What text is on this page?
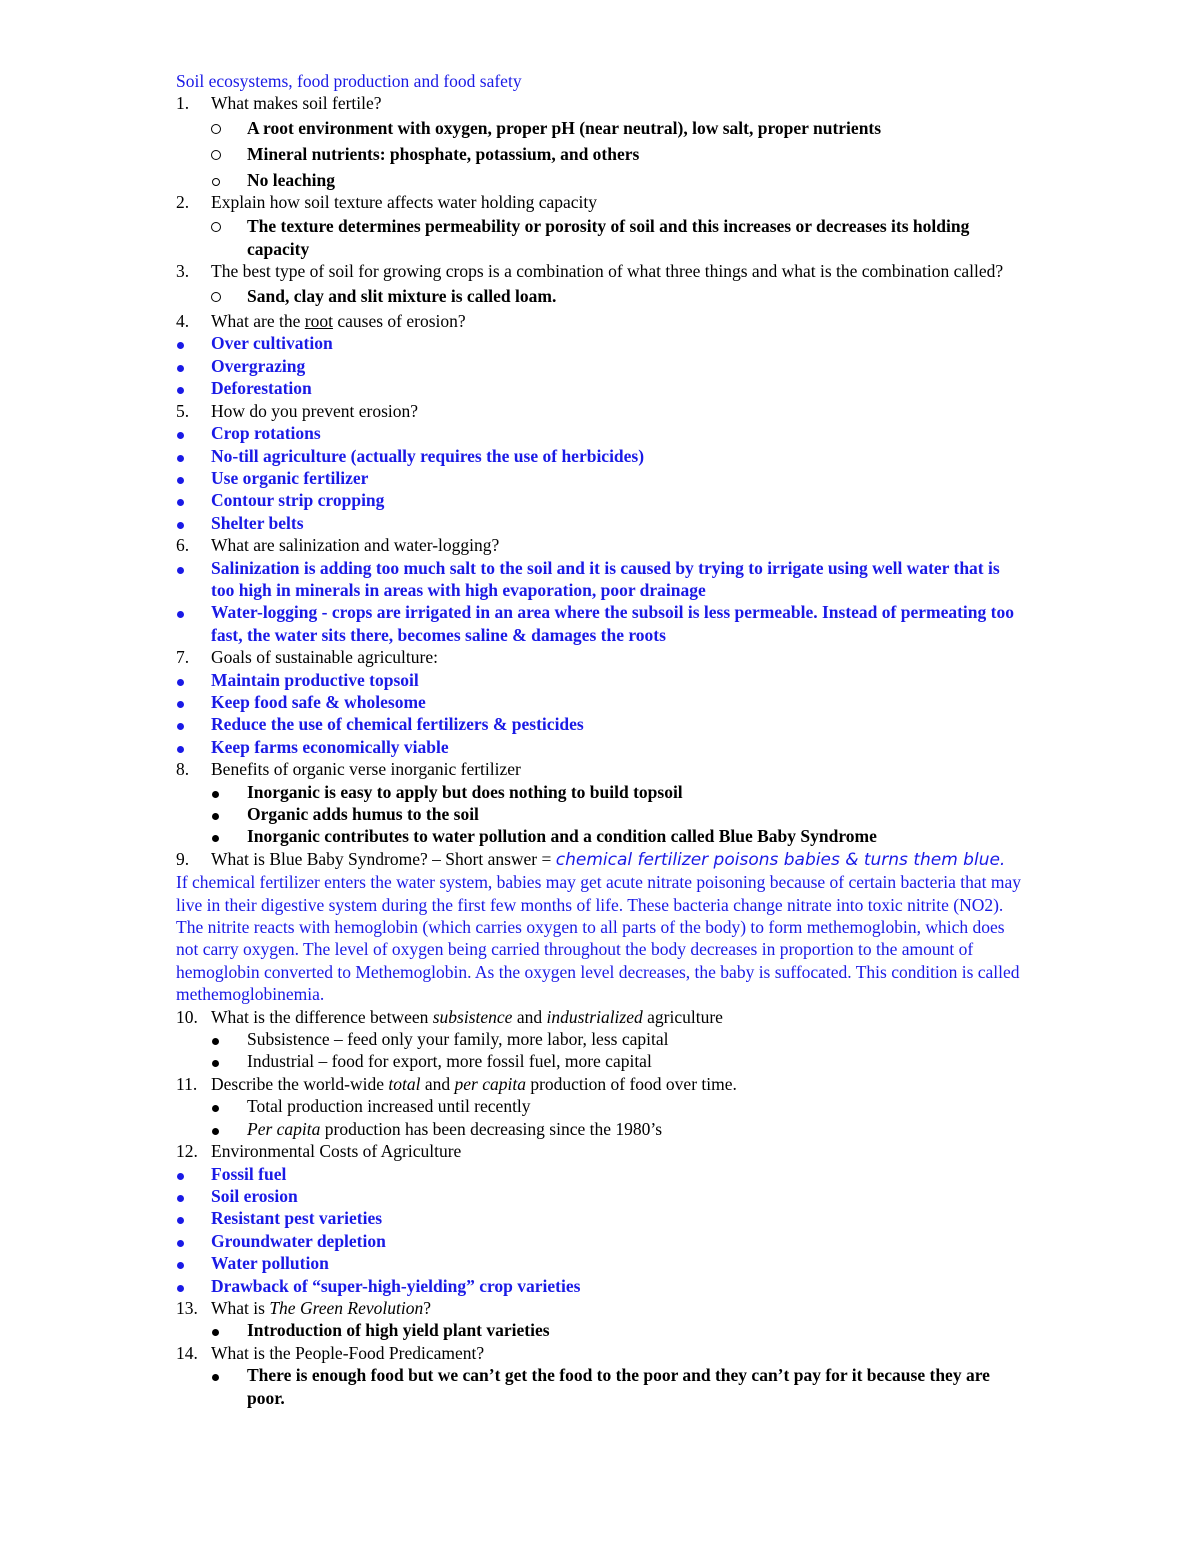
Soil ecosystems, food production and food safety
1. What makes soil fertile?
A root environment with oxygen, proper pH (near neutral), low salt, proper nutrients
Mineral nutrients: phosphate, potassium, and others
No leaching
2. Explain how soil texture affects water holding capacity
The texture determines permeability or porosity of soil and this increases or decreases its holding capacity
3. The best type of soil for growing crops is a combination of what three things and what is the combination called?
Sand, clay and slit mixture is called loam.
4. What are the root causes of erosion?
Over cultivation
Overgrazing
Deforestation
5. How do you prevent erosion?
Crop rotations
No-till agriculture (actually requires the use of herbicides)
Use organic fertilizer
Contour strip cropping
Shelter belts
6. What are salinization and water-logging?
Salinization is adding too much salt to the soil and it is caused by trying to irrigate using well water that is too high in minerals in areas with high evaporation, poor drainage
Water-logging - crops are irrigated in an area where the subsoil is less permeable. Instead of permeating too fast, the water sits there, becomes saline & damages the roots
7. Goals of sustainable agriculture:
Maintain productive topsoil
Keep food safe & wholesome
Reduce the use of chemical fertilizers & pesticides
Keep farms economically viable
8. Benefits of organic verse inorganic fertilizer
Inorganic is easy to apply but does nothing to build topsoil
Organic adds humus to the soil
Inorganic contributes to water pollution and a condition called Blue Baby Syndrome
9. What is Blue Baby Syndrome? – Short answer = chemical fertilizer poisons babies & turns them blue.
If chemical fertilizer enters the water system, babies may get acute nitrate poisoning because of certain bacteria that may live in their digestive system during the first few months of life. These bacteria change nitrate into toxic nitrite (NO2). The nitrite reacts with hemoglobin (which carries oxygen to all parts of the body) to form methemoglobin, which does not carry oxygen. The level of oxygen being carried throughout the body decreases in proportion to the amount of hemoglobin converted to Methemoglobin. As the oxygen level decreases, the baby is suffocated. This condition is called methemoglobinemia.
10. What is the difference between subsistence and industrialized agriculture
Subsistence – feed only your family, more labor, less capital
Industrial – food for export, more fossil fuel, more capital
11. Describe the world-wide total and per capita production of food over time.
Total production increased until recently
Per capita production has been decreasing since the 1980’s
12. Environmental Costs of Agriculture
Fossil fuel
Soil erosion
Resistant pest varieties
Groundwater depletion
Water pollution
Drawback of “super-high-yielding” crop varieties
13. What is The Green Revolution?
Introduction of high yield plant varieties
14. What is the People-Food Predicament?
There is enough food but we can’t get the food to the poor and they can’t pay for it because they are poor.
